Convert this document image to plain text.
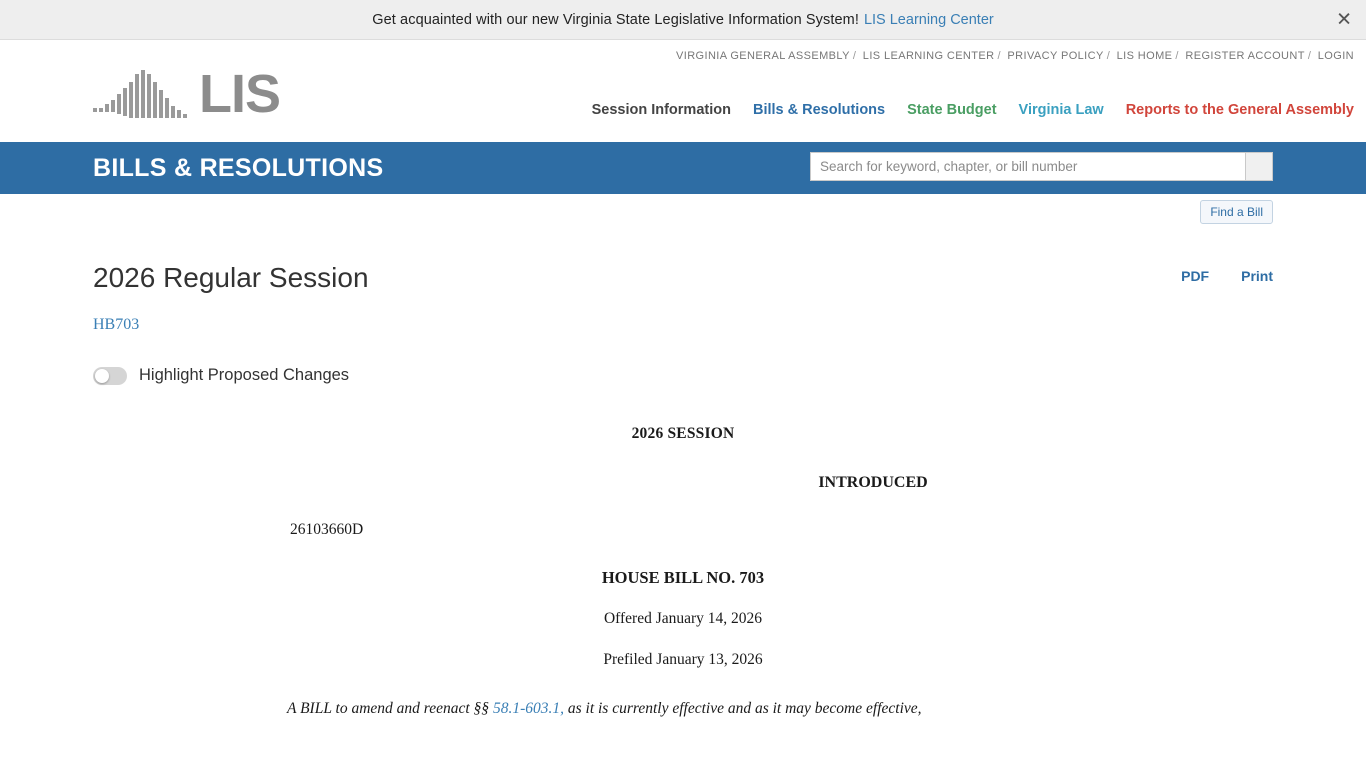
Get acquainted with our new Virginia State Legislative Information System! LIS Learning Center	✕
VIRGINIA GENERAL ASSEMBLY / LIS LEARNING CENTER / PRIVACY POLICY / LIS HOME / REGISTER ACCOUNT / LOGIN
LIS	Session Information Bills & Resolutions State Budget Virginia Law Reports to the General Assembly
BILLS & RESOLUTIONS
Search for keyword, chapter, or bill number
Find a Bill
PDF Print
2026 Regular Session
HB703
Highlight Proposed Changes
2026 SESSION
INTRODUCED
26103660D
HOUSE BILL NO. 703
Offered January 14, 2026
Prefiled January 13, 2026
A BILL to amend and reenact §§ 58.1-603.1, as it is currently effective and as it may become effective,
